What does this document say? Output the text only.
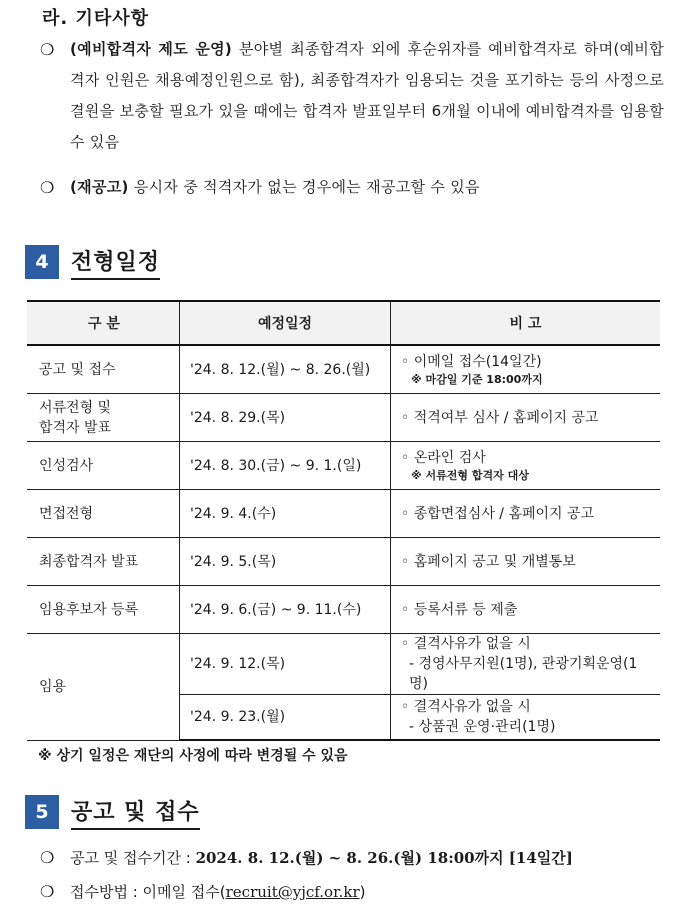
라. 기타사항
❍ (예비합격자 제도 운영) 분야별 최종합격자 외에 후순위자를 예비합격자로 하며(예비합격자 인원은 채용예정인원으로 함), 최종합격자가 임용되는 것을 포기하는 등의 사정으로 결원을 보충할 필요가 있을 때에는 합격자 발표일부터 6개월 이내에 예비합격자를 임용할 수 있음
❍ (재공고) 응시자 중 적격자가 없는 경우에는 재공고할 수 있음
4	전형일정
구 분	예정일정	비 고
공고 및 접수	'24. 8. 12.(월) ~ 8. 26.(월)	◦ 이메일 접수(14일간)
※ 마감일 기준 18:00까지

서류전형 및
합격자 발표	'24. 8. 29.(목)	◦ 적격여부 심사 / 홈페이지 공고
인성검사	'24. 8. 30.(금) ~ 9. 1.(일)	◦ 온라인 검사
※ 서류전형 합격자 대상

면접전형	'24. 9. 4.(수)	◦ 종합면접심사 / 홈페이지 공고
최종합격자 발표	'24. 9. 5.(목)	◦ 홈페이지 공고 및 개별통보
임용후보자 등록	'24. 9. 6.(금) ~ 9. 11.(수)	◦ 등록서류 등 제출
임용	'24. 9. 12.(목)	◦ 결격사유가 없을 시
- 경영사무지원(1명), 관광기획운영(1명)

	'24. 9. 23.(월)	◦ 결격사유가 없을 시
- 상품권 운영·관리(1명)
※ 상기 일정은 재단의 사정에 따라 변경될 수 있음
5	공고 및 접수
❍ 공고 및 접수기간 : 2024. 8. 12.(월) ~ 8. 26.(월) 18:00까지 [14일간]
❍ 접수방법 : 이메일 접수(recruit@yjcf.or.kr)
